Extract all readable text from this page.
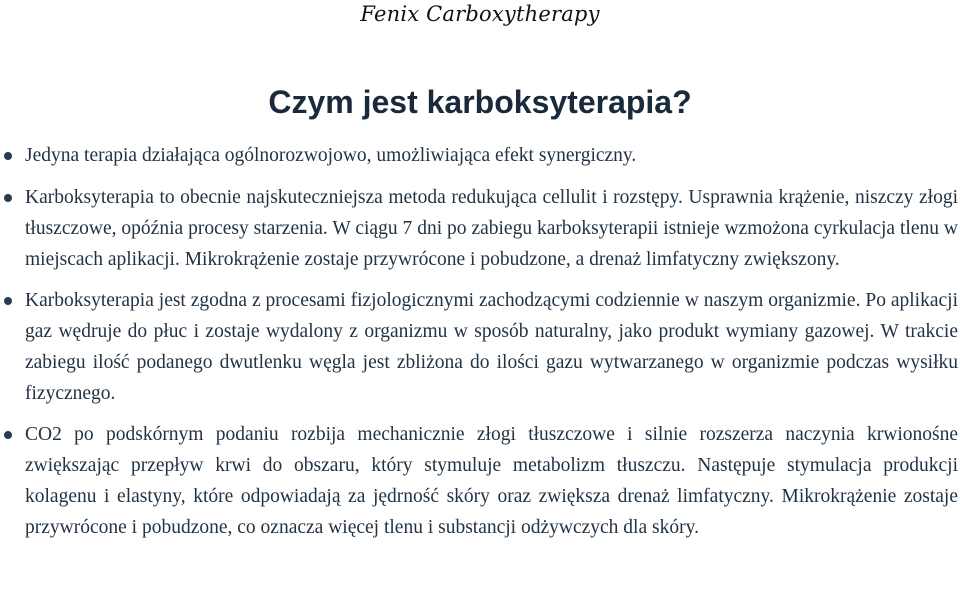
Fenix Carboxytherapy
Czym jest karboksyterapia?
Jedyna terapia działająca ogólnorozwojowo, umożliwiająca efekt synergiczny.
Karboksyterapia to obecnie najskuteczniejsza metoda redukująca cellulit i rozstępy. Usprawnia krążenie, niszczy złogi tłuszczowe, opóźnia procesy starzenia. W ciągu 7 dni po zabiegu karboksyterapii istnieje wzmożona cyrkulacja tlenu w miejscach aplikacji. Mikrokrążenie zostaje przywrócone i pobudzone, a drenaż limfatyczny zwiększony.
Karboksyterapia jest zgodna z procesami fizjologicznymi zachodzącymi codziennie w naszym organizmie. Po aplikacji gaz wędruje do płuc i zostaje wydalony z organizmu w sposób naturalny, jako produkt wymiany gazowej. W trakcie zabiegu ilość podanego dwutlenku węgla jest zbliżona do ilości gazu wytwarzanego w organizmie podczas wysiłku fizycznego.
CO2 po podskórnym podaniu rozbija mechanicznie złogi tłuszczowe i silnie rozszerza naczynia krwionośne zwiększając przepływ krwi do obszaru, który stymuluje metabolizm tłuszczu. Następuje stymulacja produkcji kolagenu i elastyny, które odpowiadają za jędrność skóry oraz zwiększa drenaż limfatyczny. Mikrokrążenie zostaje przywrócone i pobudzone, co oznacza więcej tlenu i substancji odżywczych dla skóry.
